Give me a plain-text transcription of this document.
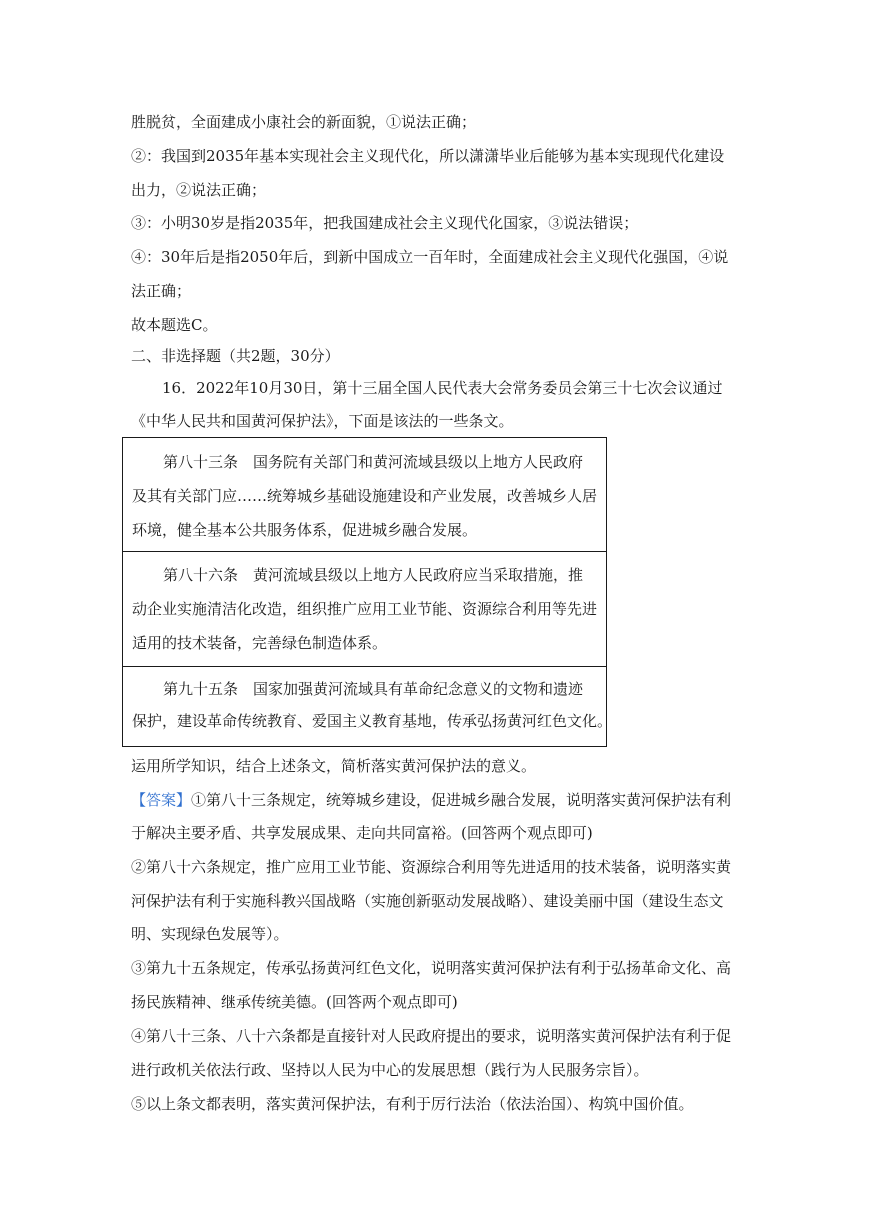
胜脱贫，全面建成小康社会的新面貌，①说法正确；
②：我国到2035年基本实现社会主义现代化，所以潇潇毕业后能够为基本实现现代化建设
出力，②说法正确；
③：小明30岁是指2035年，把我国建成社会主义现代化国家，③说法错误；
④：30年后是指2050年后，到新中国成立一百年时，全面建成社会主义现代化强国，④说
法正确；
故本题选C。
二、非选择题（共2题，30分）
16．2022年10月30日，第十三届全国人民代表大会常务委员会第三十七次会议通过
《中华人民共和国黄河保护法》，下面是该法的一些条文。
第八十三条　国务院有关部门和黄河流域县级以上地方人民政府
及其有关部门应……统筹城乡基础设施建设和产业发展，改善城乡人居
环境，健全基本公共服务体系，促进城乡融合发展。

第八十六条　黄河流域县级以上地方人民政府应当采取措施，推
动企业实施清洁化改造，组织推广应用工业节能、资源综合利用等先进
适用的技术装备，完善绿色制造体系。

第九十五条　国家加强黄河流域具有革命纪念意义的文物和遗迹
保护，建设革命传统教育、爱国主义教育基地，传承弘扬黄河红色文化。
运用所学知识，结合上述条文，简析落实黄河保护法的意义。
【答案】①第八十三条规定，统筹城乡建设，促进城乡融合发展，说明落实黄河保护法有利
于解决主要矛盾、共享发展成果、走向共同富裕。(回答两个观点即可)
②第八十六条规定，推广应用工业节能、资源综合利用等先进适用的技术装备，说明落实黄
河保护法有利于实施科教兴国战略（实施创新驱动发展战略）、建设美丽中国（建设生态文
明、实现绿色发展等）。
③第九十五条规定，传承弘扬黄河红色文化，说明落实黄河保护法有利于弘扬革命文化、高
扬民族精神、继承传统美德。(回答两个观点即可)
④第八十三条、八十六条都是直接针对人民政府提出的要求，说明落实黄河保护法有利于促
进行政机关依法行政、坚持以人民为中心的发展思想（践行为人民服务宗旨）。
⑤以上条文都表明，落实黄河保护法，有利于厉行法治（依法治国）、构筑中国价值。
